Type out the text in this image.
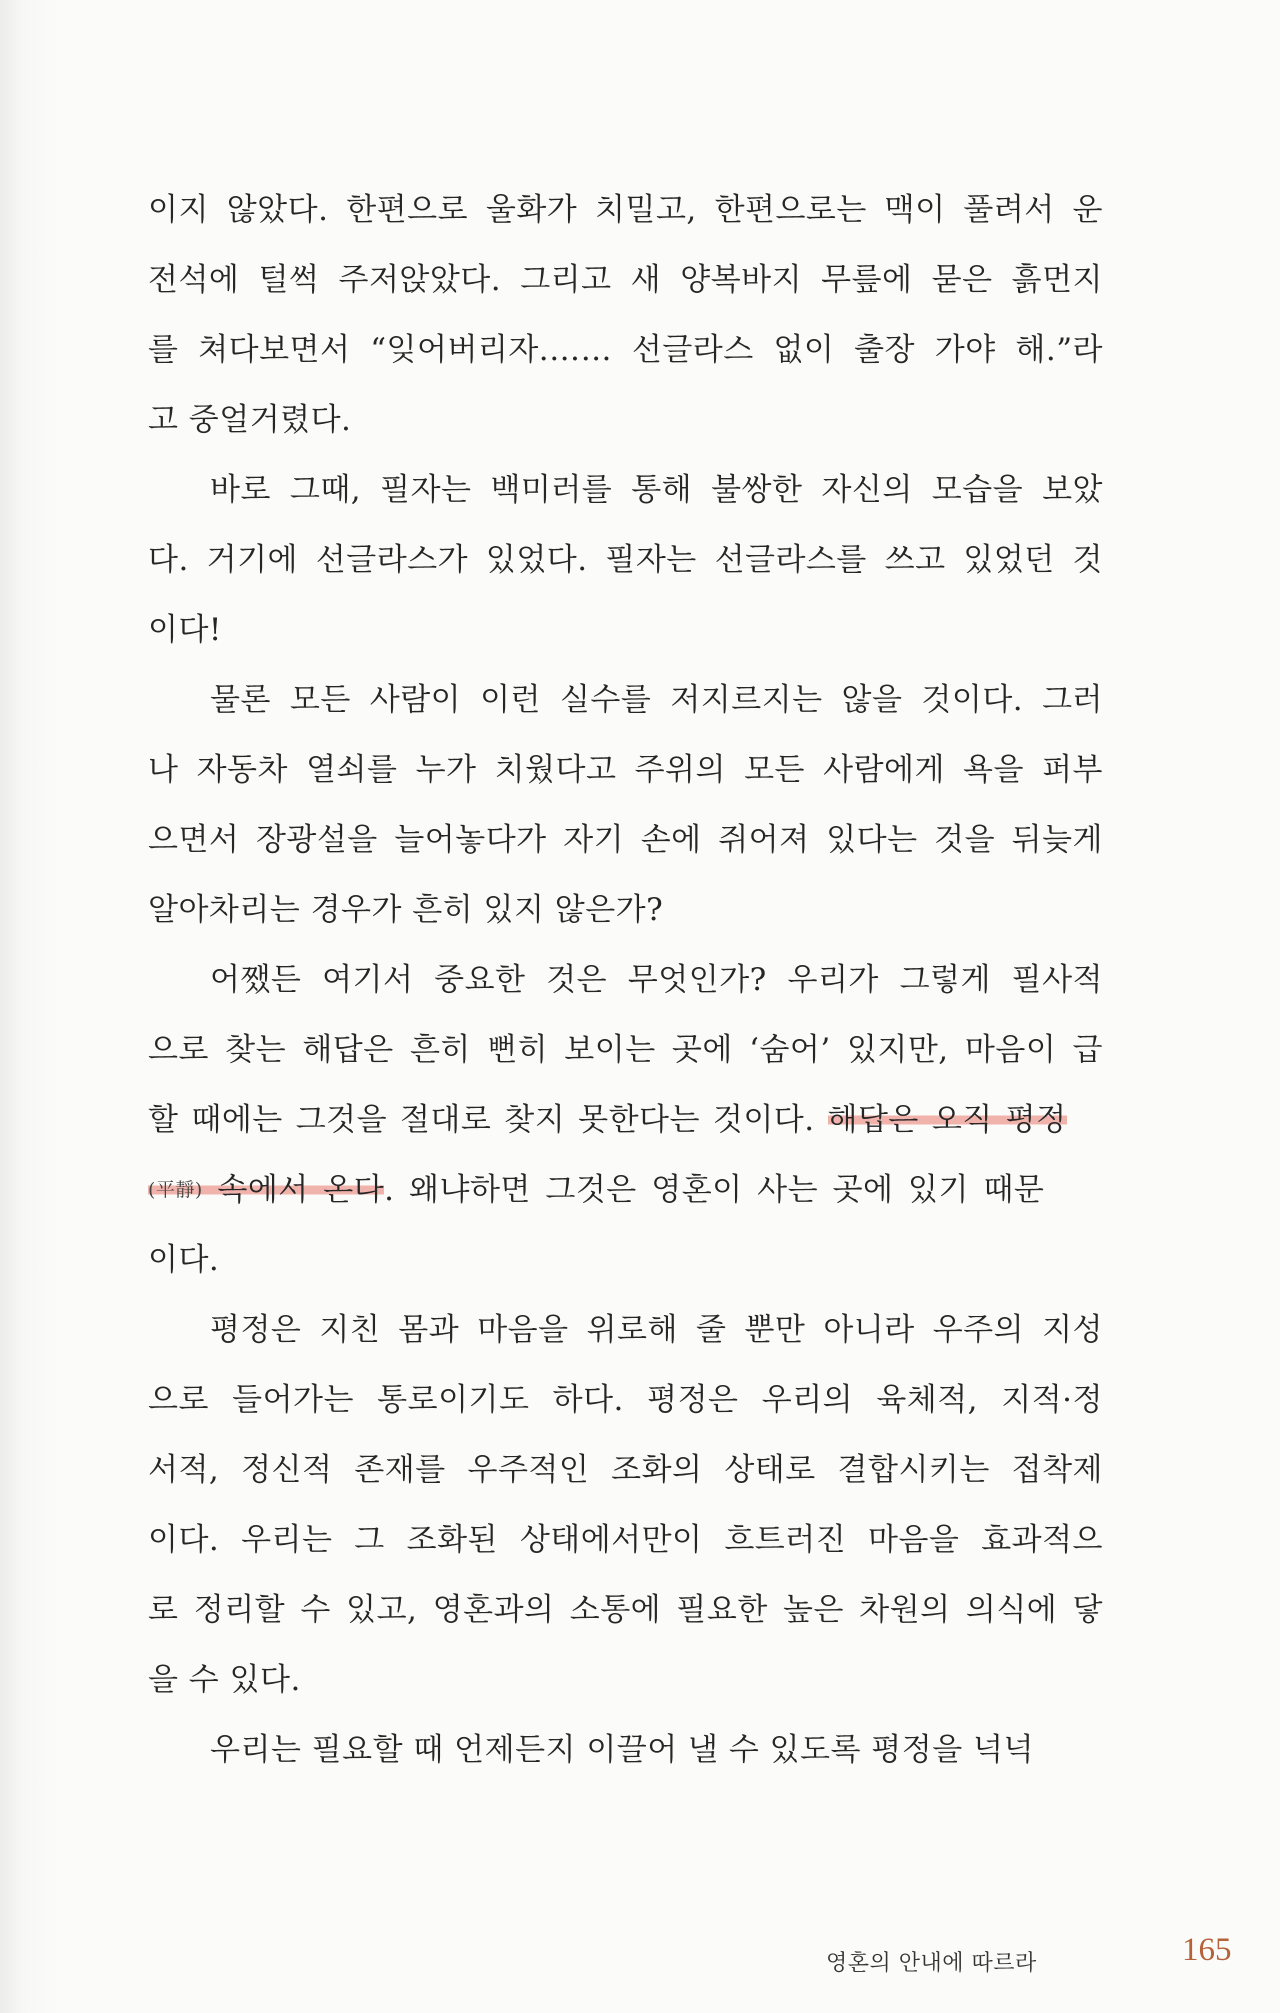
이지 않았다. 한편으로 울화가 치밀고, 한편으로는 맥이 풀려서 운
전석에 털썩 주저앉았다. 그리고 새 양복바지 무릎에 묻은 흙먼지
를 쳐다보면서 “잊어버리자.…… 선글라스 없이 출장 가야 해.”라
고 중얼거렸다.
바로 그때, 필자는 백미러를 통해 불쌍한 자신의 모습을 보았
다. 거기에 선글라스가 있었다. 필자는 선글라스를 쓰고 있었던 것
이다!
물론 모든 사람이 이런 실수를 저지르지는 않을 것이다. 그러
나 자동차 열쇠를 누가 치웠다고 주위의 모든 사람에게 욕을 퍼부
으면서 장광설을 늘어놓다가 자기 손에 쥐어져 있다는 것을 뒤늦게
알아차리는 경우가 흔히 있지 않은가?
어쨌든 여기서 중요한 것은 무엇인가? 우리가 그렇게 필사적
으로 찾는 해답은 흔히 뻔히 보이는 곳에 ‘숨어’ 있지만, 마음이 급
할 때에는 그것을 절대로 찾지 못한다는 것이다. 해답은 오직 평정
(平靜) 속에서 온다. 왜냐하면 그것은 영혼이 사는 곳에 있기 때문
이다.
평정은 지친 몸과 마음을 위로해 줄 뿐만 아니라 우주의 지성
으로 들어가는 통로이기도 하다. 평정은 우리의 육체적, 지적·정
서적, 정신적 존재를 우주적인 조화의 상태로 결합시키는 접착제
이다. 우리는 그 조화된 상태에서만이 흐트러진 마음을 효과적으
로 정리할 수 있고, 영혼과의 소통에 필요한 높은 차원의 의식에 닿
을 수 있다.
우리는 필요할 때 언제든지 이끌어 낼 수 있도록 평정을 넉넉
영혼의 안내에 따르라	165
